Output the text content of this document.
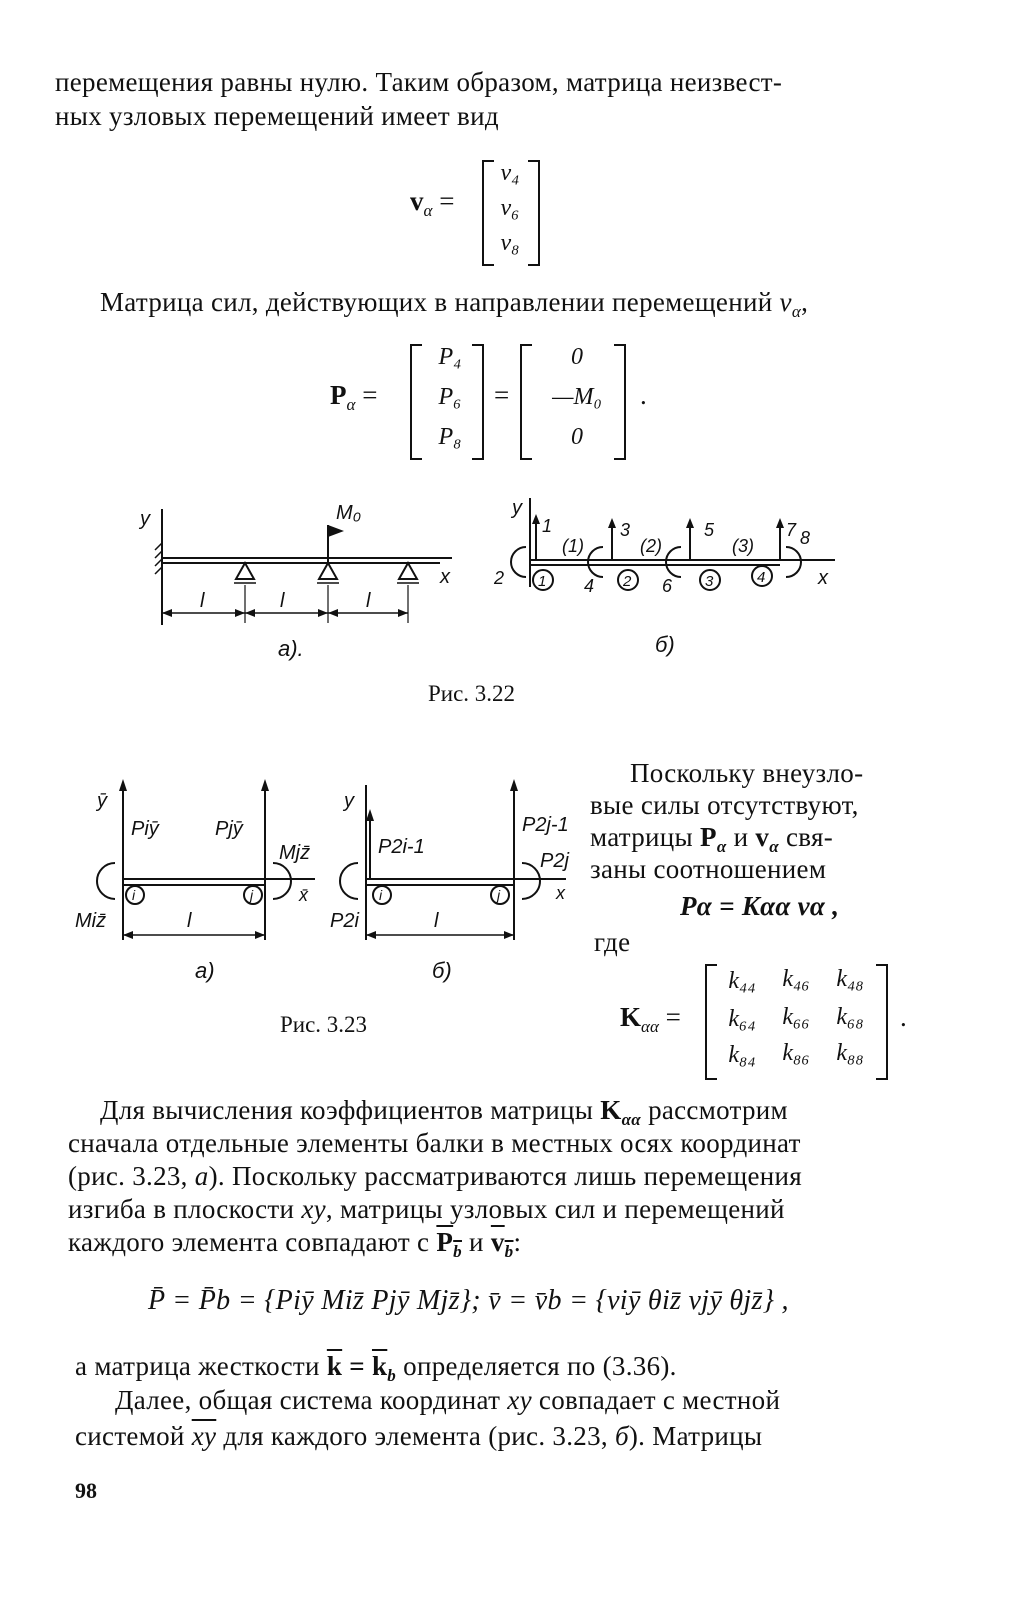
перемещения равны нулю. Таким образом, матрица неизвест-
ных узловых перемещений имеет вид
$v_\alpha$ =
v₄
v₆
v₈
Матрица сил, действующих в направлении перемещений $v_\alpha$,
$P_\alpha$ =
P₄
P₆
P₈
=
0
—M₀
0
.
y
x
M₀
l	l	l
а).
y
x
1	3	5	7
2	4	6
8
(1)	(2)	(3)
1	2	3	4
б)
Рис. 3.22
ȳ
x̄
Piȳ	Pjȳ
Miz̄
Mjz̄
i	j
l
а)
y
x
P2i-1
P2j-1
P2i
P2j
i	j
l
б)
Рис. 3.23
Поскольку внеузло-
вые силы отсутствуют,
матрицы $P_\alpha$ и $v_\alpha$ свя-
заны соотношением
Pα = Kαα vα ,
где
$K_{\alpha\alpha}$ =
k₄₄	k₄₆	k₄₈
k₆₄	k₆₆	k₆₈
k₈₄	k₈₆	k₈₈
.
Для вычисления коэффициентов матрицы $K_{\alpha\alpha}$ рассмотрим
сначала отдельные элементы балки в местных осях координат
(рис. 3.23, а). Поскольку рассматриваются лишь перемещения
изгиба в плоскости xy, матрицы узловых сил и перемещений
каждого элемента совпадают с $P_b$ и $v_b$:
P̄ = P̄b = {Piȳ Miz̄ Pjȳ Mjz̄}; v̄ = v̄b = {viȳ θiz̄ vjȳ θjz̄} ,
а матрица жесткости $\overline{k} = \overline{k}_b$ определяется по (3.36).
Далее, общая система координат xy совпадает с местной
системой $\overline{xy}$ для каждого элемента (рис. 3.23, б). Матрицы
98
